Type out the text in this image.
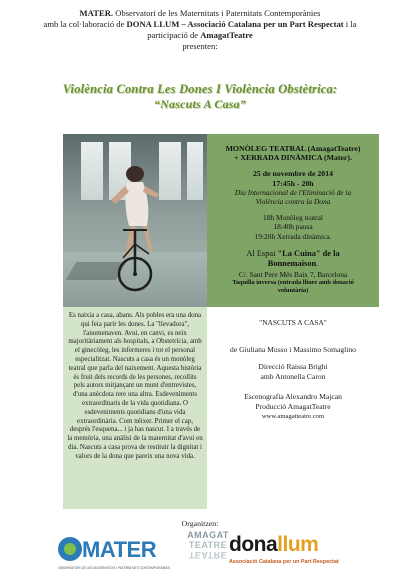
MATER. Observatori de les Maternitats i Paternitats Contemporànies
amb la col·laboració de DONA LLUM – Associació Catalana per un Part Respectat i la
participació de AmagatTeatre
presenten:
Violència Contra Les Dones I Violència Obstètrica:
“Nascuts A Casa”
MONÒLEG TEATRAL (AmagatTeatre)
+ XERRADA DINÀMICA (Mater).
25 de novembre de 2014
17:45h - 20h
Dia Internacional de l'Eliminació de la
Violència contra la Dona
18h Monòleg teatral
18:40h pausa
19:20h Xerrada dinàmica.
Al Espai "La Cuina" de la
Bonnemaison.
C/. Sant Pere Més Baix 7, Barcelona
Taquilla inversa (entrada lliure amb donació
voluntària)
Es naixia a casa, abans. Als pobles era una dona qui feia parir les dones. La "llevadora", l'anomenaven. Avui, en canvi, es neix majoritàriament als hospitals, a Obstetrícia, amb el ginecòleg, les infermeres i tot el personal especialitzat. Nascuts a casa és un monòleg teatral que parla del naixement. Aquesta història és fruit dels records de les persones, recollits pels autors mitjançant un munt d'entrevistes, d'una anècdota rere una altra. Esdeveniments extraordinaris de la vida quotidiana. O esdeveniments quotidians d'una vida extraordinària. Com néixer. Primer el cap, després l'esquena... i ja has nascut. I a través de la memòria, una anàlisi de la maternitat d'avui en dia. Nascuts a casa prova de restituir la dignitat i valors de la dona que pareix una nova vida.
"NASCUTS A CASA"
de Giuliana Musso i Massimo Somaglino
Direcció Raissa Brighi
amb Antonella Caron
Escenografia Alexandro Majcan
Producció AmagatTeatre
www.amagatteatre.com
Organitzen:
MATER
OBSERVATORI DE LES MATERNITATS I PATERNITATS CONTEMPORÀNIES
AMAGAT
TEATRE
TEATRE donallum
Associació Catalana per un Part Respectat
